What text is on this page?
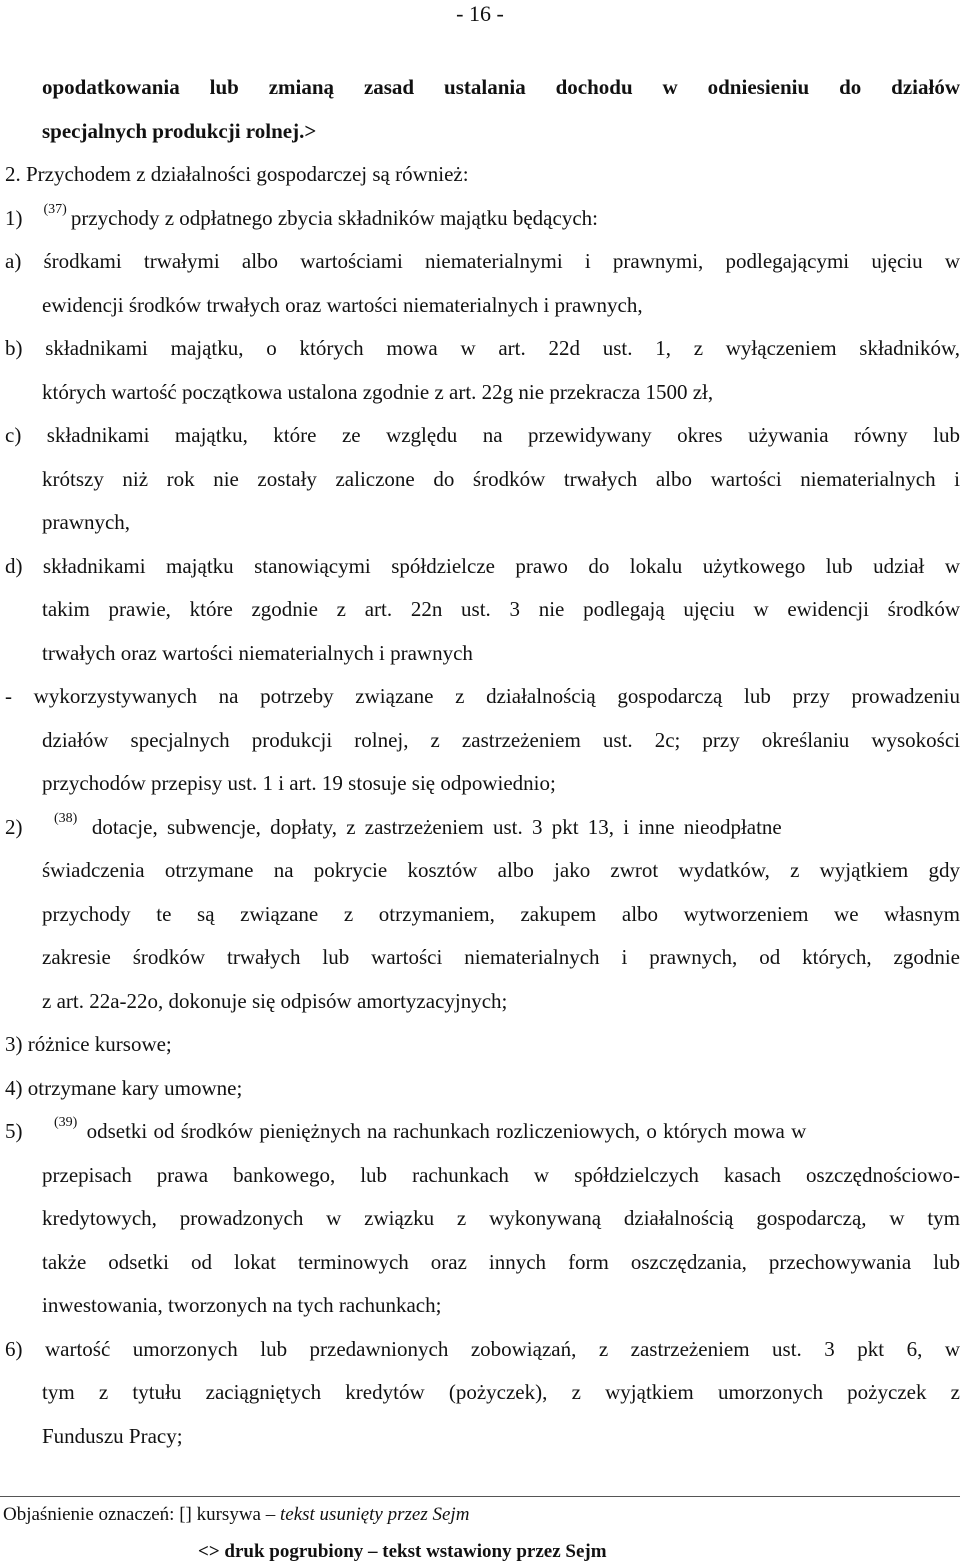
- 16 -
opodatkowania lub zmianą zasad ustalania dochodu w odniesieniu do działów
specjalnych produkcji rolnej.>
2. Przychodem z działalności gospodarczej są również:
1)    $^{(37)}$ przychody z odpłatnego zbycia składników majątku będących:
a) środkami trwałymi albo wartościami niematerialnymi i prawnymi, podlegającymi ujęciu w
ewidencji środków trwałych oraz wartości niematerialnych i prawnych,
b) składnikami majątku, o których mowa w art. 22d ust. 1, z wyłączeniem składników,
których wartość początkowa ustalona zgodnie z art. 22g nie przekracza 1500 zł,
c) składnikami majątku, które ze względu na przewidywany okres używania równy lub
krótszy niż rok nie zostały zaliczone do środków trwałych albo wartości niematerialnych i
prawnych,
d) składnikami majątku stanowiącymi spółdzielcze prawo do lokalu użytkowego lub udział w
takim prawie, które zgodnie z art. 22n ust. 3 nie podlegają ujęciu w ewidencji środków
trwałych oraz wartości niematerialnych i prawnych
- wykorzystywanych na potrzeby związane z działalnością gospodarczą lub przy prowadzeniu
działów specjalnych produkcji rolnej, z zastrzeżeniem ust. 2c; przy określaniu wysokości
przychodów przepisy ust. 1 i art. 19 stosuje się odpowiednio;
2)      $^{(38)}$ dotacje, subwencje, dopłaty, z zastrzeżeniem ust. 3 pkt 13, i inne nieodpłatne
świadczenia otrzymane na pokrycie kosztów albo jako zwrot wydatków, z wyjątkiem gdy
przychody te są związane z otrzymaniem, zakupem albo wytworzeniem we własnym
zakresie środków trwałych lub wartości niematerialnych i prawnych, od których, zgodnie
z art. 22a-22o, dokonuje się odpisów amortyzacyjnych;
3) różnice kursowe;
4) otrzymane kary umowne;
5)      $^{(39)}$ odsetki od środków pieniężnych na rachunkach rozliczeniowych, o których mowa w
przepisach prawa bankowego, lub rachunkach w spółdzielczych kasach oszczędnościowo-
kredytowych, prowadzonych w związku z wykonywaną działalnością gospodarczą, w tym
także odsetki od lokat terminowych oraz innych form oszczędzania, przechowywania lub
inwestowania, tworzonych na tych rachunkach;
6) wartość umorzonych lub przedawnionych zobowiązań, z zastrzeżeniem ust. 3 pkt 6, w
tym z tytułu zaciągniętych kredytów (pożyczek), z wyjątkiem umorzonych pożyczek z
Funduszu Pracy;
Objaśnienie oznaczeń: [] kursywa – tekst usunięty przez Sejm
<> druk pogrubiony – tekst wstawiony przez Sejm
